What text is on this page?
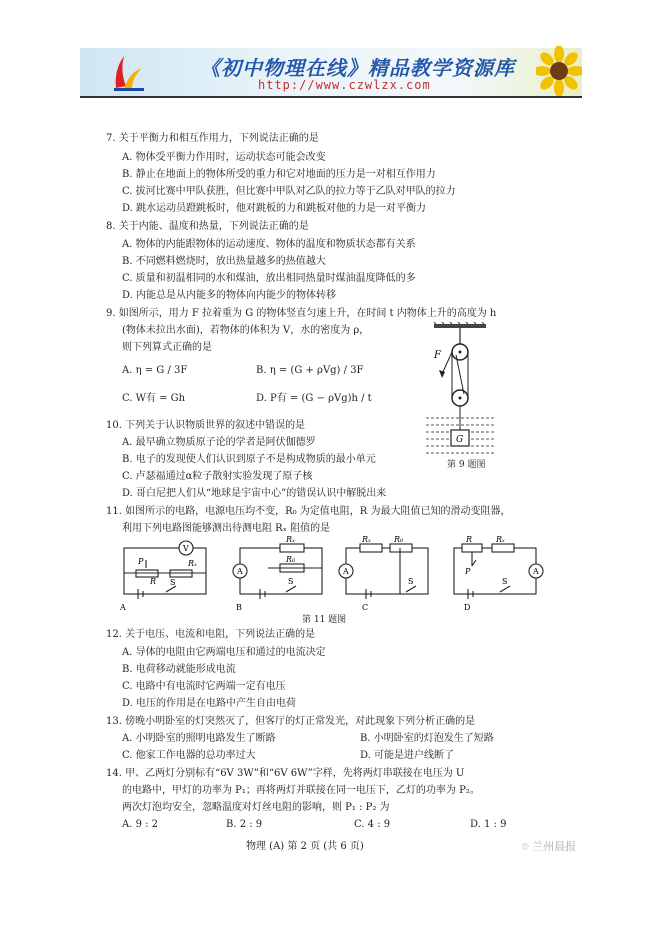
《初中物理在线》精品教学资源库
http://www.czwlzx.com
7. 关于平衡力和相互作用力，下列说法正确的是
A. 物体受平衡力作用时，运动状态可能会改变
B. 静止在地面上的物体所受的重力和它对地面的压力是一对相互作用力
C. 拔河比赛中甲队获胜，但比赛中甲队对乙队的拉力等于乙队对甲队的拉力
D. 跳水运动员蹬跳板时，他对跳板的力和跳板对他的力是一对平衡力
8. 关于内能、温度和热量，下列说法正确的是
A. 物体的内能跟物体的运动速度、物体的温度和物质状态都有关系
B. 不同燃料燃烧时，放出热量越多的热值越大
C. 质量和初温相同的水和煤油，放出相同热量时煤油温度降低的多
D. 内能总是从内能多的物体向内能少的物体转移
9. 如图所示，用力 F 拉着重为 G 的物体竖直匀速上升，在时间 t 内物体上升的高度为 h
(物体未拉出水面)，若物体的体积为 V，水的密度为 ρ，
则下列算式正确的是
A. η = G / 3F	B. η = (G + ρVg) / 3F
C. W有 = Gh	D. P有 = (G − ρVg)h / t
F
G
第 9 题图
10. 下列关于认识物质世界的叙述中错误的是
A. 最早确立物质原子论的学者是阿伏伽德罗
B. 电子的发现使人们认识到原子不是构成物质的最小单元
C. 卢瑟福通过α粒子散射实验发现了原子核
D. 哥白尼把人们从“地球是宇宙中心”的错误认识中解脱出来
11. 如图所示的电路，电源电压均不变，R₀ 为定值电阻，R 为最大阻值已知的滑动变阻器，
利用下列电路图能够测出待测电阻 Rₓ 阻值的是
V
P
R S
Rₓ
A
A
Rₓ
R₀
S
B
A
Rₓ	R₀
S
C
A
Rₓ
R
P
S
D
第 11 题图
12. 关于电压、电流和电阻，下列说法正确的是
A. 导体的电阻由它两端电压和通过的电流决定
B. 电荷移动就能形成电流
C. 电路中有电流时它两端一定有电压
D. 电压的作用是在电路中产生自由电荷
13. 傍晚小明卧室的灯突然灭了，但客厅的灯正常发光，对此现象下列分析正确的是
A. 小明卧室的照明电路发生了断路	B. 小明卧室的灯泡发生了短路
C. 他家工作电器的总功率过大	D. 可能是进户线断了
14. 甲、乙两灯分别标有“6V 3W”和“6V 6W”字样，先将两灯串联接在电压为 U
的电路中，甲灯的功率为 P₁；再将两灯并联接在同一电压下，乙灯的功率为 P₂。
两次灯泡均安全，忽略温度对灯丝电阻的影响，则 P₁ : P₂ 为
A. 9 : 2	B. 2 : 9	C. 4 : 9	D. 1 : 9
物理 (A) 第 2 页 (共 6 页)	⌾ 兰州晨报
